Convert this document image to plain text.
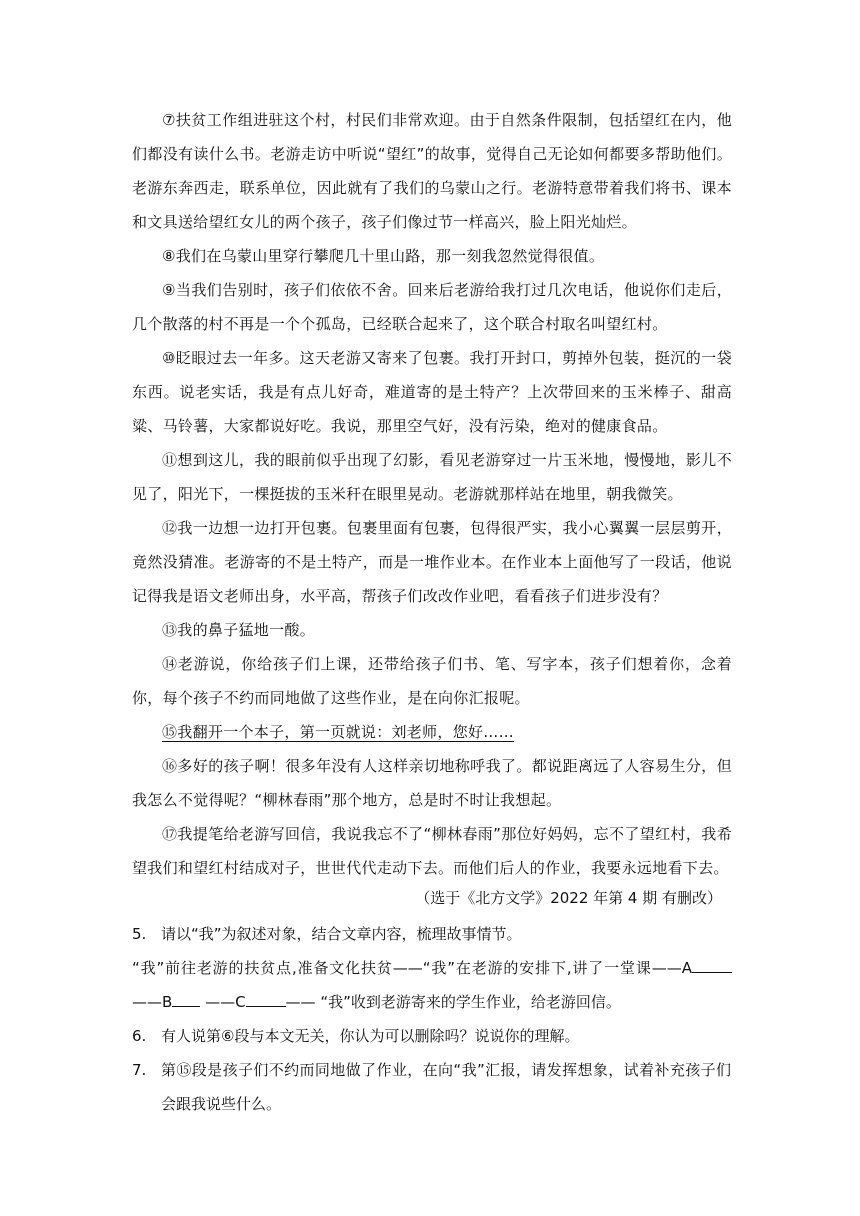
⑦扶贫工作组进驻这个村，村民们非常欢迎。由于自然条件限制，包括望红在内，他们都没有读什么书。老游走访中听说“望红”的故事，觉得自己无论如何都要多帮助他们。老游东奔西走，联系单位，因此就有了我们的乌蒙山之行。老游特意带着我们将书、课本和文具送给望红女儿的两个孩子，孩子们像过节一样高兴，脸上阳光灿烂。

⑧我们在乌蒙山里穿行攀爬几十里山路，那一刻我忽然觉得很值。

⑨当我们告别时，孩子们依依不舍。回来后老游给我打过几次电话，他说你们走后，几个散落的村不再是一个个孤岛，已经联合起来了，这个联合村取名叫望红村。

⑩眨眼过去一年多。这天老游又寄来了包裹。我打开封口，剪掉外包装，挺沉的一袋东西。说老实话，我是有点儿好奇，难道寄的是土特产？上次带回来的玉米棒子、甜高粱、马铃薯，大家都说好吃。我说，那里空气好，没有污染，绝对的健康食品。

⑪想到这儿，我的眼前似乎出现了幻影，看见老游穿过一片玉米地，慢慢地，影儿不见了，阳光下，一棵挺拔的玉米秆在眼里晃动。老游就那样站在地里，朝我微笑。

⑫我一边想一边打开包裹。包裹里面有包裹，包得很严实，我小心翼翼一层层剪开，竟然没猜准。老游寄的不是土特产，而是一堆作业本。在作业本上面他写了一段话，他说记得我是语文老师出身，水平高，帮孩子们改改作业吧，看看孩子们进步没有？

⑬我的鼻子猛地一酸。

⑭老游说，你给孩子们上课，还带给孩子们书、笔、写字本，孩子们想着你，念着你，每个孩子不约而同地做了这些作业，是在向你汇报呢。

⑮我翻开一个本子，第一页就说：刘老师，您好……

⑯多好的孩子啊！很多年没有人这样亲切地称呼我了。都说距离远了人容易生分，但我怎么不觉得呢？“柳林春雨”那个地方，总是时不时让我想起。

⑰我提笔给老游写回信，我说我忘不了“柳林春雨”那位好妈妈，忘不了望红村，我希望我们和望红村结成对子，世世代代走动下去。而他们后人的作业，我要永远地看下去。

（选于《北方文学》2022 年第 4 期 有删改）

5. 请以“我”为叙述对象，结合文章内容，梳理故事情节。

“我”前往老游的扶贫点,准备文化扶贫——“我”在老游的安排下,讲了一堂课——A——B ——C	—— “我”收到老游寄来的学生作业，给老游回信。

6. 有人说第⑥段与本文无关，你认为可以删除吗？说说你的理解。
7. 第⑮段是孩子们不约而同地做了作业，在向“我”汇报，请发挥想象，试着补充孩子们会跟我说些什么。
